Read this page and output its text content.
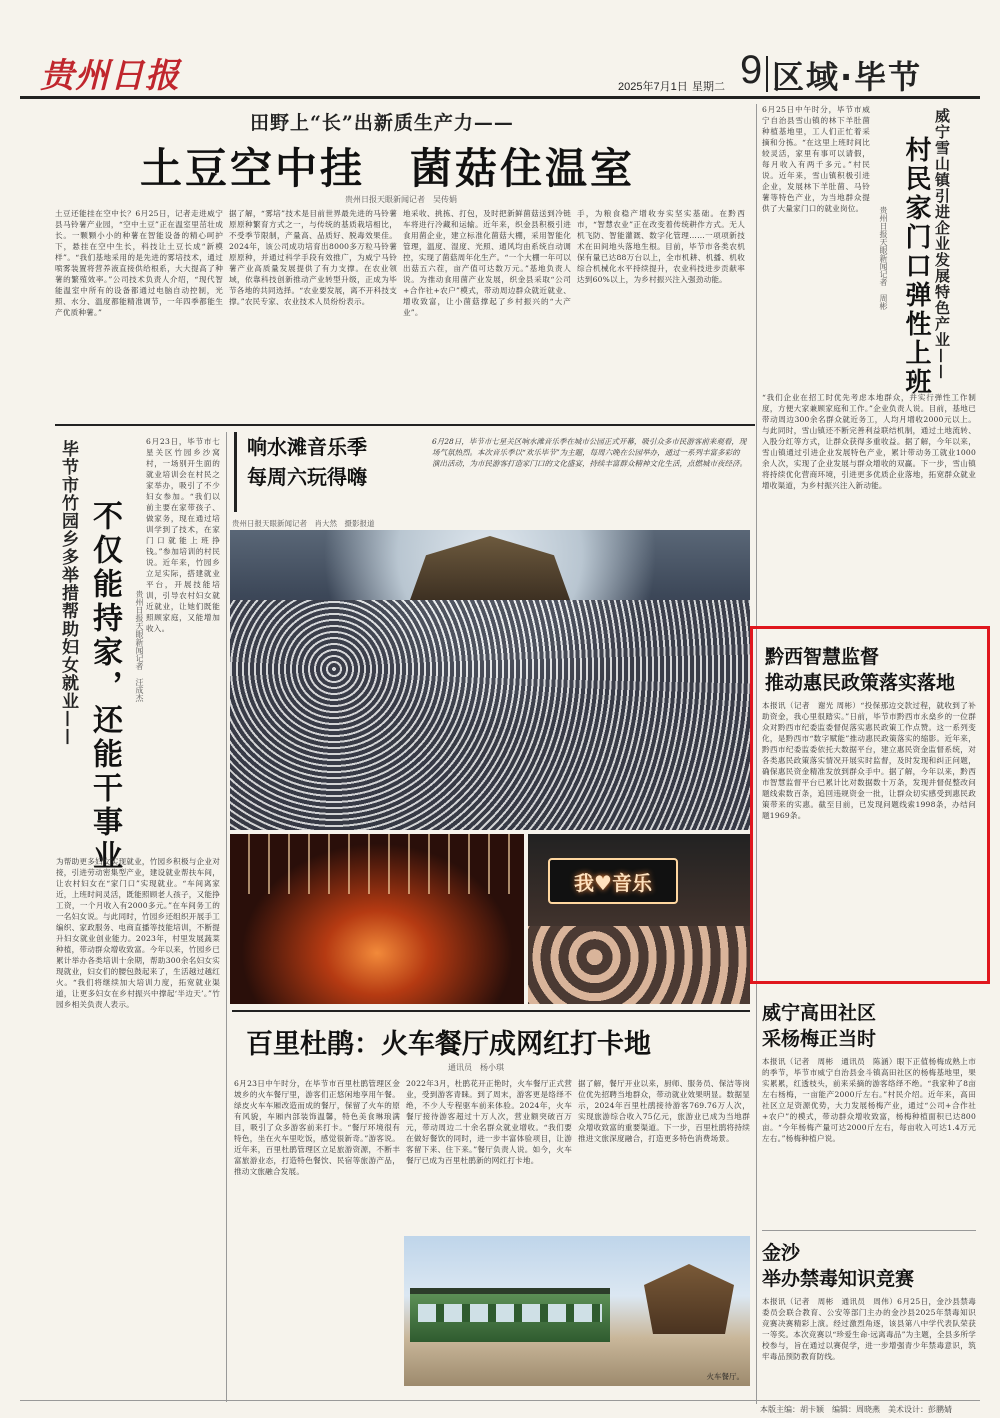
贵州日报	2025年7月1日 星期二 9 区域·毕节
田野上“长”出新质生产力——
土豆空中挂　菌菇住温室
贵州日报天眼新闻记者　吴传娟
土豆还能挂在空中长？6月25日，记者走进威宁县马铃薯产业园，“空中土豆”正在温室里茁壮成长。一颗颗小小的种薯在智能设备的精心呵护下，悬挂在空中生长，科技让土豆长成“新模样”。“我们基地采用的是先进的雾培技术，通过喷雾装置将营养液直接供给根系，大大提高了种薯的繁殖效率。”公司技术负责人介绍，“现代智能温室中所有的设备都通过电脑自动控制，光照、水分、温度都能精准调节，一年四季都能生产优质种薯。”
据了解，“雾培”技术是目前世界最先进的马铃薯原原种繁育方式之一，与传统的基质栽培相比，不受季节限制，产量高、品质好、脱毒效果佳。2024年，该公司成功培育出8000多万粒马铃薯原原种，并通过科学手段有效推广，为威宁马铃薯产业高质量发展提供了有力支撑。在农业领域，依靠科技创新推动产业转型升级，正成为毕节各地的共同选择。“农业要发展，离不开科技支撑。”农民专家、农业技术人员纷纷表示。
地采收、挑拣、打包，及时把新鲜菌菇送到冷链车将进行冷藏和运输。近年来，织金县积极引进食用菌企业，建立标准化菌菇大棚，采用智能化管理，温度、湿度、光照、通风均由系统自动调控，实现了菌菇周年化生产。“一个大棚一年可以出菇五六茬，亩产值可达数万元。”基地负责人说。为推动食用菌产业发展，织金县采取“公司+合作社+农户”模式，带动周边群众就近就业、增收致富，让小菌菇撑起了乡村振兴的“大产业”。
手，为粮食稳产增收夯实坚实基础。在黔西市，“智慧农业”正在改变着传统耕作方式。无人机飞防、智能灌溉、数字化管理……一项项新技术在田间地头落地生根。目前，毕节市各类农机保有量已达88万台以上，全市机耕、机播、机收综合机械化水平持续提升，农业科技进步贡献率达到60%以上，为乡村振兴注入强劲动能。	威宁雪山镇引进企业发展特色产业——
村民家门口弹性上班
贵州日报天眼新闻记者　周彬
6月25日中午时分，毕节市威宁自治县雪山镇的林下羊肚菌种植基地里，工人们正忙着采摘和分拣。“在这里上班时间比较灵活，家里有事可以请假，每月收入有两千多元。”村民说。近年来，雪山镇积极引进企业，发展林下羊肚菌、马铃薯等特色产业，为当地群众提供了大量家门口的就业岗位。
“我们企业在招工时优先考虑本地群众，并实行弹性工作制度，方便大家兼顾家庭和工作。”企业负责人说。目前，基地已带动周边300余名群众就近务工，人均月增收2000元以上。与此同时，雪山镇还不断完善利益联结机制，通过土地流转、入股分红等方式，让群众获得多重收益。据了解，今年以来，雪山镇通过引进企业发展特色产业，累计带动务工就业1000余人次，实现了企业发展与群众增收的双赢。下一步，雪山镇将持续优化营商环境，引进更多优质企业落地，拓宽群众就业增收渠道，为乡村振兴注入新动能。
毕节市竹园乡多举措帮助妇女就业—— 不仅能持家，还能干事业	贵州日报天眼新闻记者　汪成杰
6月23日，毕节市七星关区竹园乡沙窝村，一场别开生面的就业培训会在村民之家举办，吸引了不少妇女参加。“我们以前主要在家带孩子、做家务，现在通过培训学到了技术，在家门口就能上班挣钱。”参加培训的村民说。近年来，竹园乡立足实际，搭建就业平台，开展技能培训，引导农村妇女就近就业，让她们既能照顾家庭，又能增加收入。
为帮助更多妇女实现就业，竹园乡积极与企业对接，引进劳动密集型产业，建设就业帮扶车间，让农村妇女在“家门口”实现就业。“车间离家近，上班时间灵活，既能照顾老人孩子，又能挣工资，一个月收入有2000多元。”在车间务工的一名妇女说。与此同时，竹园乡还组织开展手工编织、家政服务、电商直播等技能培训，不断提升妇女就业创业能力。2023年，村里发展蔬菜种植，带动群众增收致富。今年以来，竹园乡已累计举办各类培训十余期，帮助300余名妇女实现就业，妇女们的腰包鼓起来了，生活越过越红火。“我们将继续加大培训力度，拓宽就业渠道，让更多妇女在乡村振兴中撑起‘半边天’。”竹园乡相关负责人表示。
响水滩音乐季　每周六玩得嗨
贵州日报天眼新闻记者　肖大然　摄影报道
6月28日，毕节市七星关区响水滩音乐季在城市公园正式开幕，吸引众多市民游客前来观看，现场气氛热烈。本次音乐季以“欢乐毕节”为主题，每周六晚在公园举办，通过一系列丰富多彩的演出活动，为市民游客打造家门口的文化盛宴，持续丰富群众精神文化生活，点燃城市夜经济。
我♥音乐
黔西智慧监督
推动惠民政策落实落地
本报讯（记者　谢光 周彬）“投保那边交款过程，就收到了补助资金，我心里很踏实。”日前，毕节市黔西市永燊乡的一位群众对黔西市纪委监委督促落实惠民政策工作点赞。这一系列变化，是黔西市“数字赋能”推动惠民政策落实的缩影。近年来，黔西市纪委监委依托大数据平台，建立惠民资金监督系统，对各类惠民政策落实情况开展实时监督，及时发现和纠正问题，确保惠民资金精准发放到群众手中。据了解，今年以来，黔西市智慧监督平台已累计比对数据数十万条，发现并督促整改问题线索数百条，追回违规资金一批，让群众切实感受到惠民政策带来的实惠。截至目前，已发现问题线索1998条，办结问题1969条。
威宁高田社区
采杨梅正当时
本报讯（记者　周彬　通讯员　陈涵）眼下正值杨梅成熟上市的季节，毕节市威宁自治县金斗镇高田社区的杨梅基地里，果实累累，红透枝头，前来采摘的游客络绎不绝。“我家种了8亩左右杨梅，一亩能产2000斤左右。”村民介绍。近年来，高田社区立足资源优势，大力发展杨梅产业，通过“公司+合作社+农户”的模式，带动群众增收致富，杨梅种植面积已达800亩。“今年杨梅产量可达2000斤左右，每亩收入可达1.4万元左右。”杨梅种植户说。
金沙
举办禁毒知识竞赛
本报讯（记者　周彬　通讯员　周伟）6月25日，金沙县禁毒委员会联合教育、公安等部门主办的金沙县2025年禁毒知识竞赛决赛精彩上演。经过激烈角逐，该县第八中学代表队荣获一等奖。本次竞赛以“珍爱生命·远离毒品”为主题，全县多所学校参与，旨在通过以赛促学，进一步增强青少年禁毒意识，筑牢毒品预防教育防线。
百里杜鹃：火车餐厅成网红打卡地
通讯员　杨小琪
6月23日中午时分，在毕节市百里杜鹃管理区金坡乡的火车餐厅里，游客们正悠闲地享用午餐。绿皮火车车厢改造而成的餐厅，保留了火车的原有风貌，车厢内部装饰温馨，特色美食琳琅满目，吸引了众多游客前来打卡。“餐厅环境很有特色，坐在火车里吃饭，感觉很新奇。”游客说。近年来，百里杜鹃管理区立足旅游资源，不断丰富旅游业态，打造特色餐饮、民宿等旅游产品，推动文旅融合发展。
2022年3月，杜鹃花开正艳时，火车餐厅正式营业，受到游客青睐。到了周末，游客更是络绎不绝，不少人专程驱车前来体验。2024年，火车餐厅接待游客超过十万人次，营业额突破百万元，带动周边二十余名群众就业增收。“我们要在做好餐饮的同时，进一步丰富体验项目，让游客留下来、住下来。”餐厅负责人说。如今，火车餐厅已成为百里杜鹃新的网红打卡地。
据了解，餐厅开业以来，厨师、服务员、保洁等岗位优先招聘当地群众，带动就业效果明显。数据显示，2024年百里杜鹃接待游客769.76万人次，实现旅游综合收入75亿元，旅游业已成为当地群众增收致富的重要渠道。下一步，百里杜鹃将持续推进文旅深度融合，打造更多特色消费场景。
火车餐厅。
本版主编：胡卡颖　编辑：周晓燕　美术设计：彭鹏婧
